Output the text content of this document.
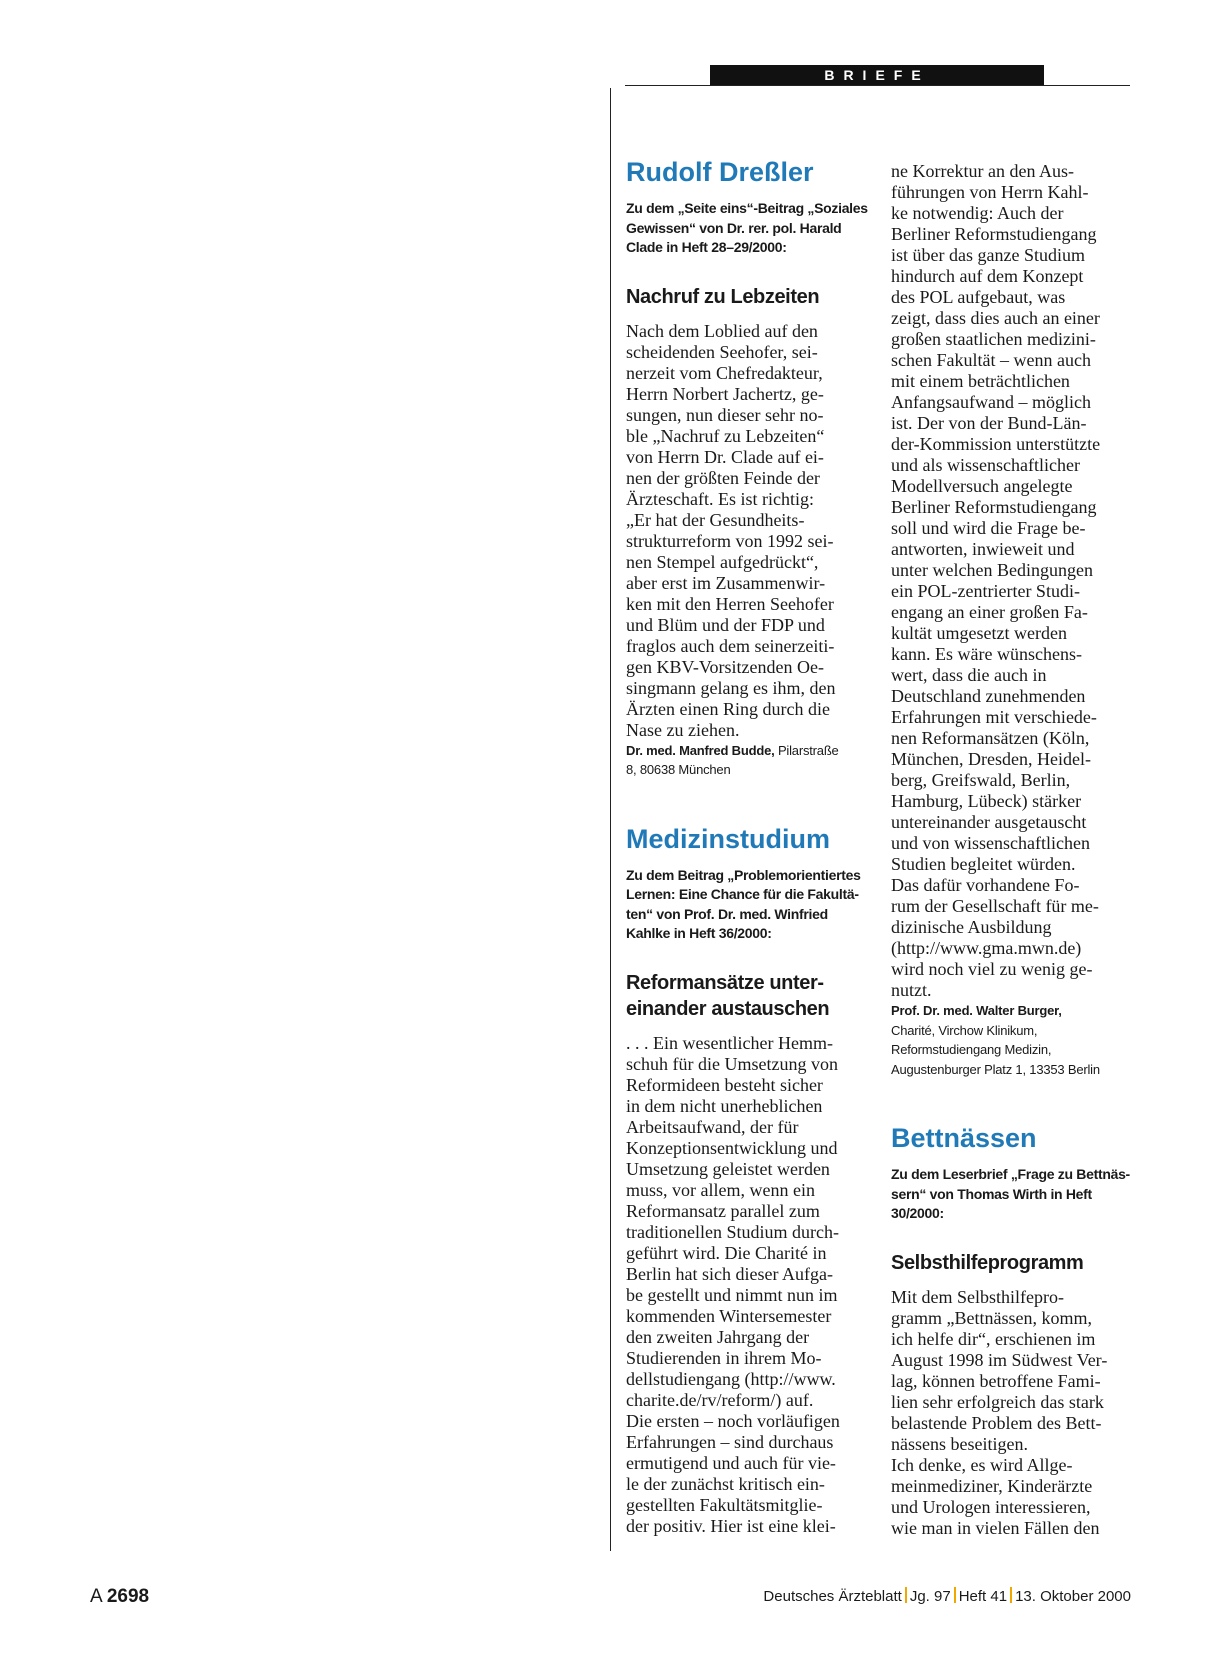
BRIEFE
Rudolf Dreßler
Zu dem „Seite eins“-Beitrag „Soziales
Gewissen“ von Dr. rer. pol. Harald
Clade in Heft 28–29/2000:
Nachruf zu Lebzeiten
Nach dem Loblied auf den
scheidenden Seehofer, sei-
nerzeit vom Chefredakteur,
Herrn Norbert Jachertz, ge-
sungen, nun dieser sehr no-
ble „Nachruf zu Lebzeiten“
von Herrn Dr. Clade auf ei-
nen der größten Feinde der
Ärzteschaft. Es ist richtig:
„Er hat der Gesundheits-
strukturreform von 1992 sei-
nen Stempel aufgedrückt“,
aber erst im Zusammenwir-
ken mit den Herren Seehofer
und Blüm und der FDP und
fraglos auch dem seinerzeiti-
gen KBV-Vorsitzenden Oe-
singmann gelang es ihm, den
Ärzten einen Ring durch die
Nase zu ziehen.
Dr. med. Manfred Budde, Pilarstraße
8, 80638 München
Medizinstudium
Zu dem Beitrag „Problemorientiertes
Lernen: Eine Chance für die Fakultä-
ten“ von Prof. Dr. med. Winfried
Kahlke in Heft 36/2000:
Reformansätze unter-
einander austauschen
. . . Ein wesentlicher Hemm-
schuh für die Umsetzung von
Reformideen besteht sicher
in dem nicht unerheblichen
Arbeitsaufwand, der für
Konzeptionsentwicklung und
Umsetzung geleistet werden
muss, vor allem, wenn ein
Reformansatz parallel zum
traditionellen Studium durch-
geführt wird. Die Charité in
Berlin hat sich dieser Aufga-
be gestellt und nimmt nun im
kommenden Wintersemester
den zweiten Jahrgang der
Studierenden in ihrem Mo-
dellstudiengang (http://www.
charite.de/rv/reform/) auf.
Die ersten – noch vorläufigen
Erfahrungen – sind durchaus
ermutigend und auch für vie-
le der zunächst kritisch ein-
gestellten Fakultätsmitglie-
der positiv. Hier ist eine klei-
ne Korrektur an den Aus-
führungen von Herrn Kahl-
ke notwendig: Auch der
Berliner Reformstudiengang
ist über das ganze Studium
hindurch auf dem Konzept
des POL aufgebaut, was
zeigt, dass dies auch an einer
großen staatlichen medizini-
schen Fakultät – wenn auch
mit einem beträchtlichen
Anfangsaufwand – möglich
ist. Der von der Bund-Län-
der-Kommission unterstützte
und als wissenschaftlicher
Modellversuch angelegte
Berliner Reformstudiengang
soll und wird die Frage be-
antworten, inwieweit und
unter welchen Bedingungen
ein POL-zentrierter Studi-
engang an einer großen Fa-
kultät umgesetzt werden
kann. Es wäre wünschens-
wert, dass die auch in
Deutschland zunehmenden
Erfahrungen mit verschiede-
nen Reformansätzen (Köln,
München, Dresden, Heidel-
berg, Greifswald, Berlin,
Hamburg, Lübeck) stärker
untereinander ausgetauscht
und von wissenschaftlichen
Studien begleitet würden.
Das dafür vorhandene Fo-
rum der Gesellschaft für me-
dizinische Ausbildung
(http://www.gma.mwn.de)
wird noch viel zu wenig ge-
nutzt.
Prof. Dr. med. Walter Burger,
Charité, Virchow Klinikum,
Reformstudiengang Medizin,
Augustenburger Platz 1, 13353 Berlin
Bettnässen
Zu dem Leserbrief „Frage zu Bettnäs-
sern“ von Thomas Wirth in Heft
30/2000:
Selbsthilfeprogramm
Mit dem Selbsthilfepro-
gramm „Bettnässen, komm,
ich helfe dir“, erschienen im
August 1998 im Südwest Ver-
lag, können betroffene Fami-
lien sehr erfolgreich das stark
belastende Problem des Bett-
nässens beseitigen.
Ich denke, es wird Allge-
meinmediziner, Kinderärzte
und Urologen interessieren,
wie man in vielen Fällen den
A 2698	Deutsches Ärzteblatt Jg. 97 Heft 41 13. Oktober 2000
